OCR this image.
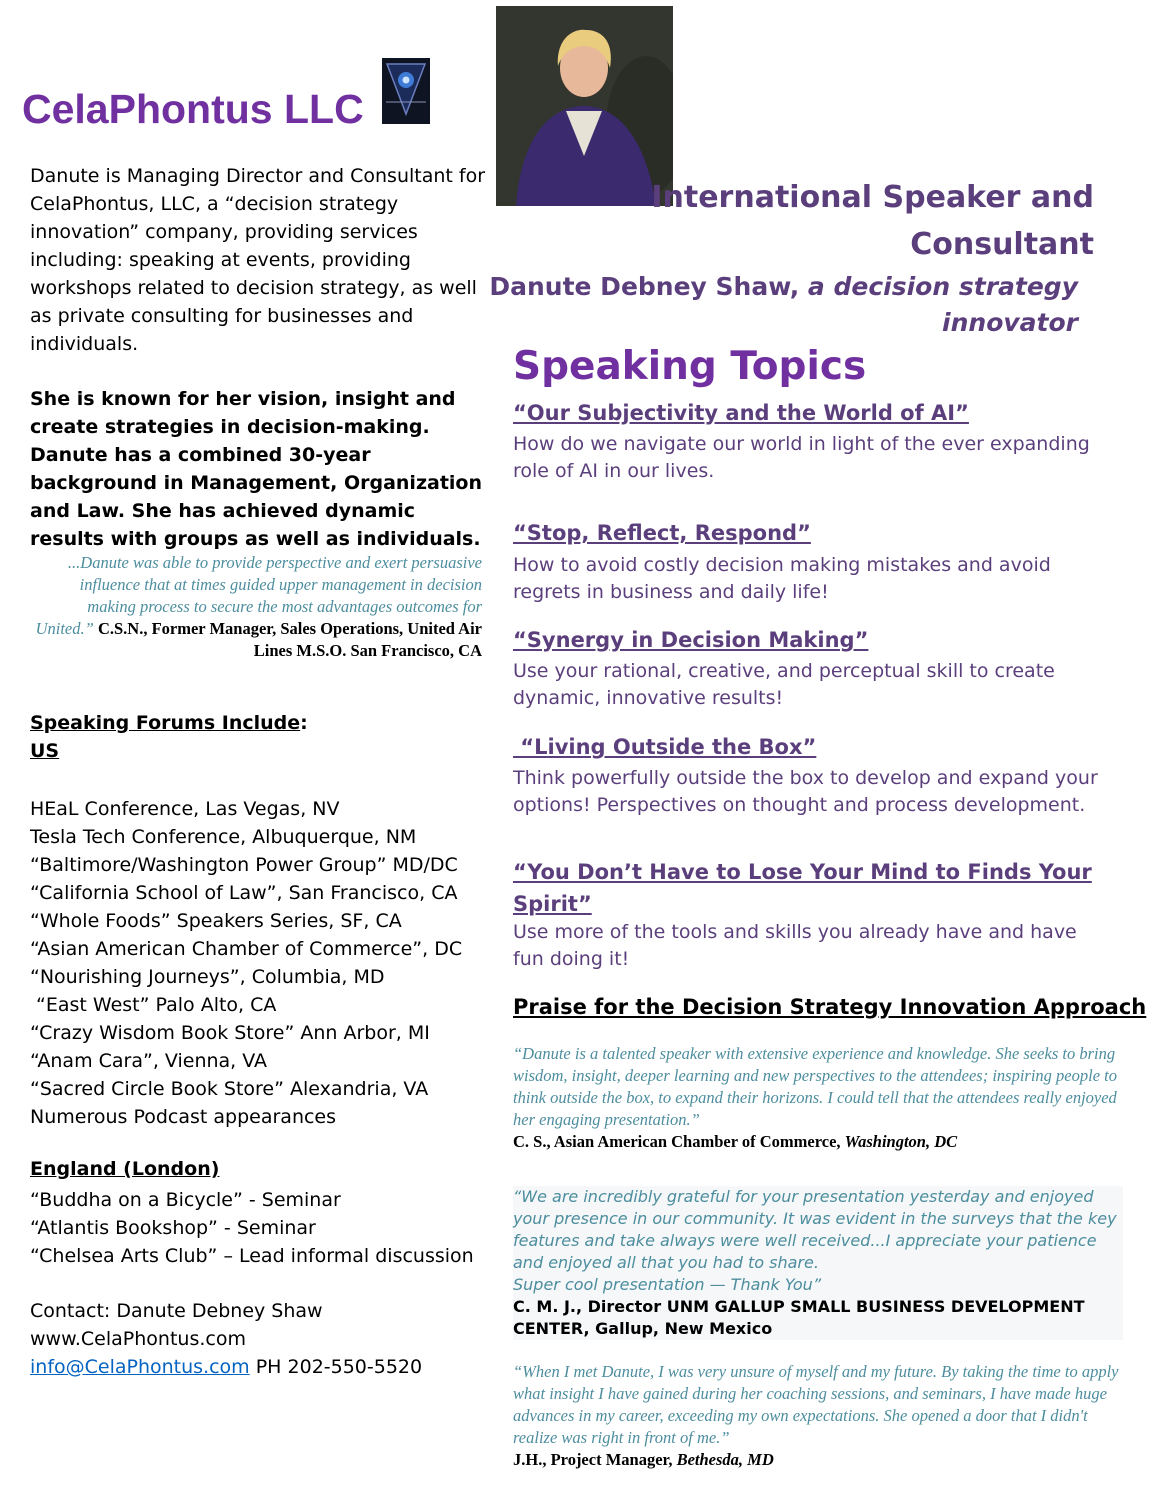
CelaPhontus LLC
International Speaker and
Consultant
Danute Debney Shaw, a decision strategy
innovator
Danute is Managing Director and Consultant for CelaPhontus, LLC, a “decision strategy innovation” company, providing services including: speaking at events, providing workshops related to decision strategy, as well as private consulting for businesses and individuals.
She is known for her vision, insight and create strategies in decision-making. Danute has a combined 30-year background in Management, Organization and Law. She has achieved dynamic results with groups as well as individuals.
...Danute was able to provide perspective and exert persuasive influence that at times guided upper management in decision making process to secure the most advantages outcomes for United.” C.S.N., Former Manager, Sales Operations, United Air Lines M.S.O. San Francisco, CA
Speaking Forums Include:
US
HEaL Conference, Las Vegas, NV
Tesla Tech Conference, Albuquerque, NM
“Baltimore/Washington Power Group” MD/DC
“California School of Law”, San Francisco, CA
“Whole Foods” Speakers Series, SF, CA
“Asian American Chamber of Commerce”, DC
“Nourishing Journeys”, Columbia, MD
“East West” Palo Alto, CA
“Crazy Wisdom Book Store” Ann Arbor, MI
“Anam Cara”, Vienna, VA
“Sacred Circle Book Store” Alexandria, VA
Numerous Podcast appearances
England (London)
“Buddha on a Bicycle” - Seminar
“Atlantis Bookshop” - Seminar
“Chelsea Arts Club” – Lead informal discussion
Contact: Danute Debney Shaw
www.CelaPhontus.com
info@CelaPhontus.com PH 202-550-5520
Speaking Topics
“Our Subjectivity and the World of AI”
How do we navigate our world in light of the ever expanding role of AI in our lives.
“Stop, Reflect, Respond”
How to avoid costly decision making mistakes and avoid regrets in business and daily life!
“Synergy in Decision Making”
Use your rational, creative, and perceptual skill to create dynamic, innovative results!
“Living Outside the Box”
Think powerfully outside the box to develop and expand your options! Perspectives on thought and process development.
“You Don’t Have to Lose Your Mind to Finds Your Spirit”
Use more of the tools and skills you already have and have fun doing it!
Praise for the Decision Strategy Innovation Approach
“Danute is a talented speaker with extensive experience and knowledge. She seeks to bring wisdom, insight, deeper learning and new perspectives to the attendees; inspiring people to think outside the box, to expand their horizons. I could tell that the attendees really enjoyed her engaging presentation.”
C. S., Asian American Chamber of Commerce, Washington, DC
“We are incredibly grateful for your presentation yesterday and enjoyed your presence in our community. It was evident in the surveys that the key features and take always were well received...I appreciate your patience and enjoyed all that you had to share.
Super cool presentation — Thank You”
C. M. J., Director UNM GALLUP SMALL BUSINESS DEVELOPMENT CENTER, Gallup, New Mexico
“When I met Danute, I was very unsure of myself and my future. By taking the time to apply what insight I have gained during her coaching sessions, and seminars, I have made huge advances in my career, exceeding my own expectations. She opened a door that I didn't realize was right in front of me.”
J.H., Project Manager, Bethesda, MD
